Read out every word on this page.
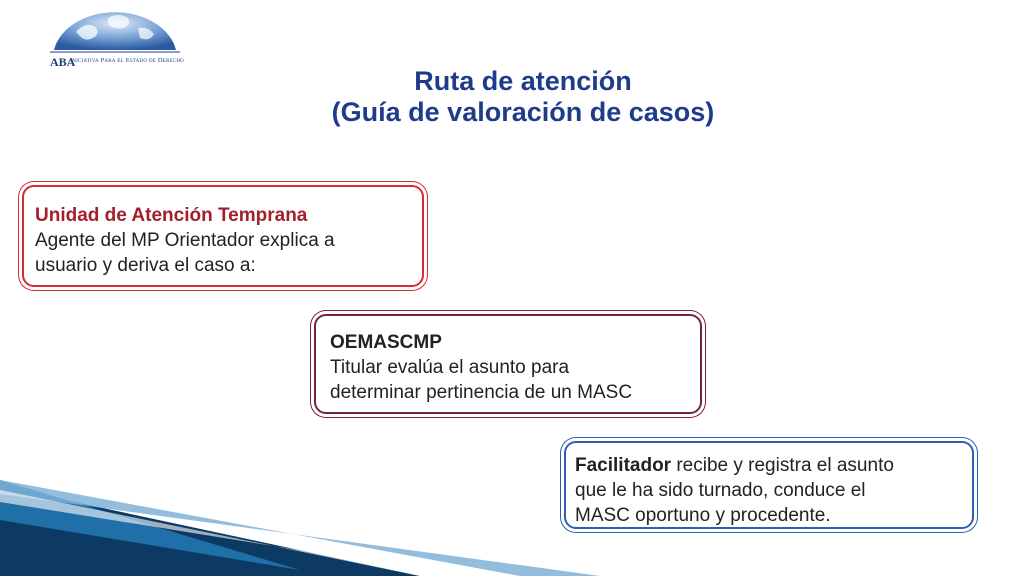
ABA
Iniciativa Para el Estado de Derecho
Ruta de atención
(Guía de valoración de casos)
Unidad de Atención Temprana
Agente del MP Orientador explica a
usuario y deriva el caso a:
OEMASCMP
Titular evalúa el asunto para
determinar pertinencia de un MASC
Facilitador recibe y registra el asunto
que le ha sido turnado, conduce el
MASC oportuno y procedente.
